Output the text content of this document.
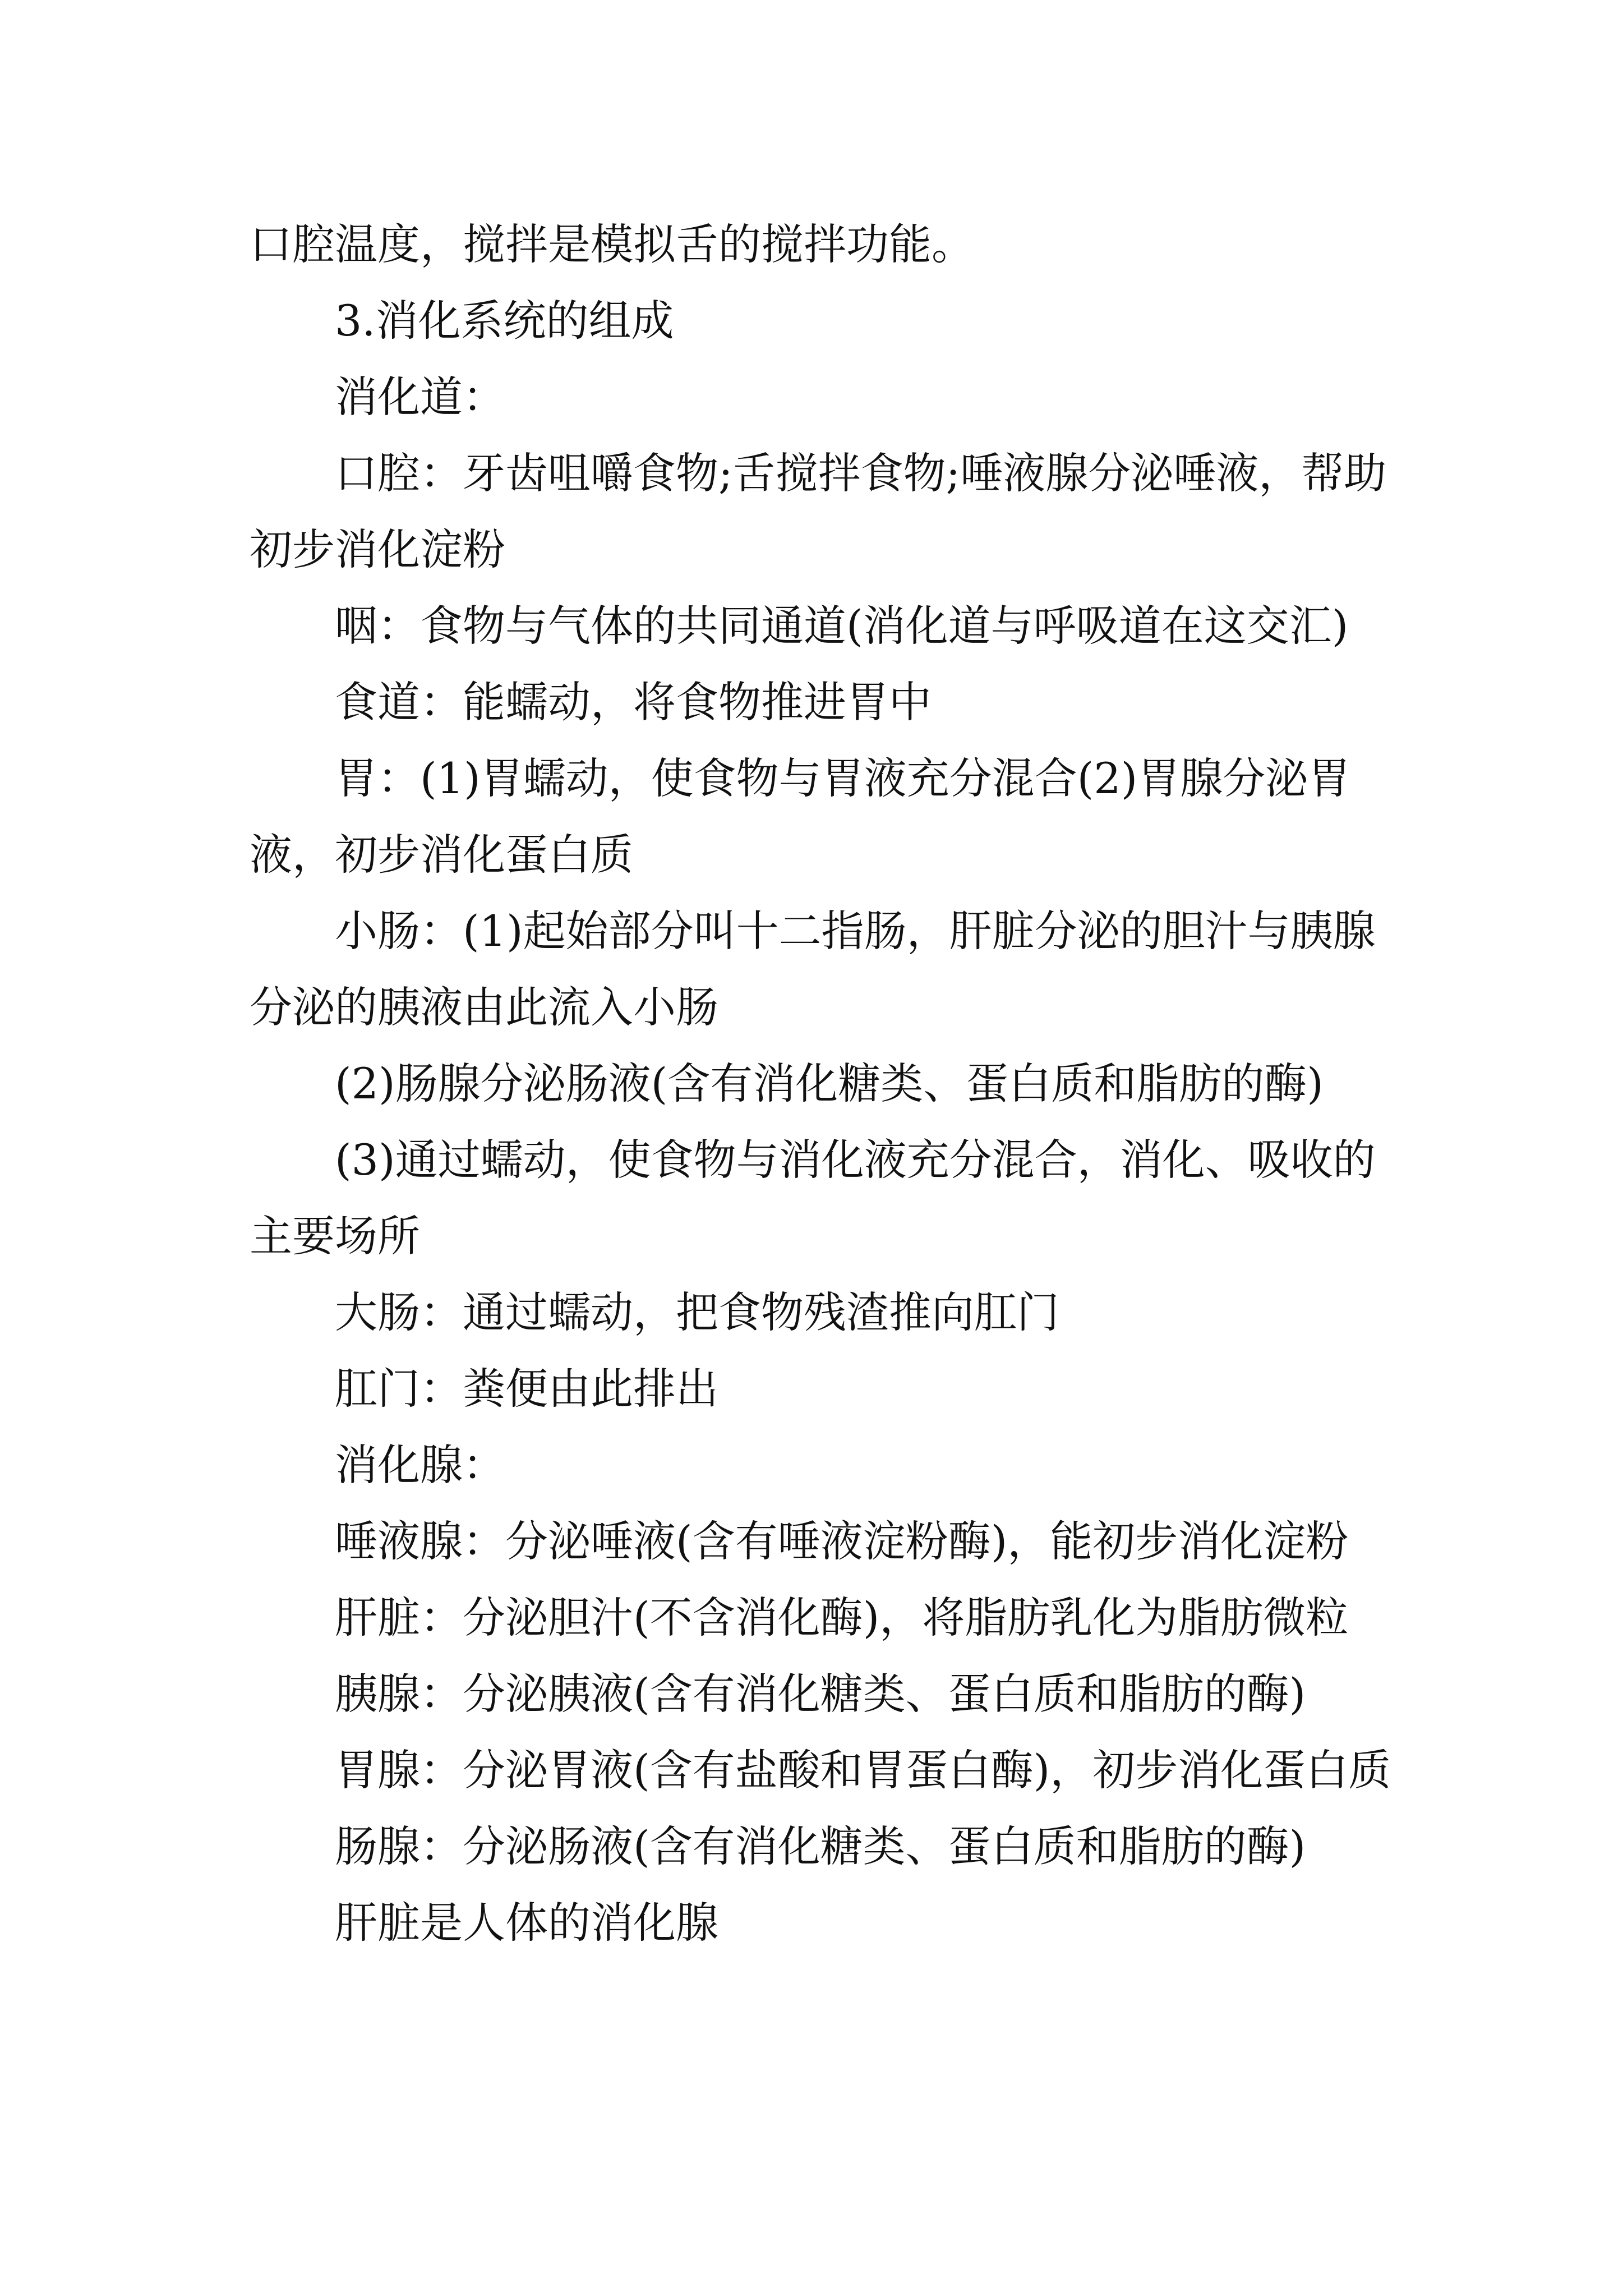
口腔温度，搅拌是模拟舌的搅拌功能。

3.消化系统的组成

消化道：

口腔：牙齿咀嚼食物;舌搅拌食物;唾液腺分泌唾液，帮助初步消化淀粉

咽：食物与气体的共同通道(消化道与呼吸道在这交汇)

食道：能蠕动，将食物推进胃中

胃：(1)胃蠕动，使食物与胃液充分混合(2)胃腺分泌胃液，初步消化蛋白质

小肠：(1)起始部分叫十二指肠，肝脏分泌的胆汁与胰腺分泌的胰液由此流入小肠

(2)肠腺分泌肠液(含有消化糖类、蛋白质和脂肪的酶)

(3)通过蠕动，使食物与消化液充分混合，消化、吸收的主要场所

大肠：通过蠕动，把食物残渣推向肛门

肛门：粪便由此排出

消化腺：

唾液腺：分泌唾液(含有唾液淀粉酶)，能初步消化淀粉

肝脏：分泌胆汁(不含消化酶)，将脂肪乳化为脂肪微粒

胰腺：分泌胰液(含有消化糖类、蛋白质和脂肪的酶)

胃腺：分泌胃液(含有盐酸和胃蛋白酶)，初步消化蛋白质

肠腺：分泌肠液(含有消化糖类、蛋白质和脂肪的酶)

肝脏是人体的消化腺
